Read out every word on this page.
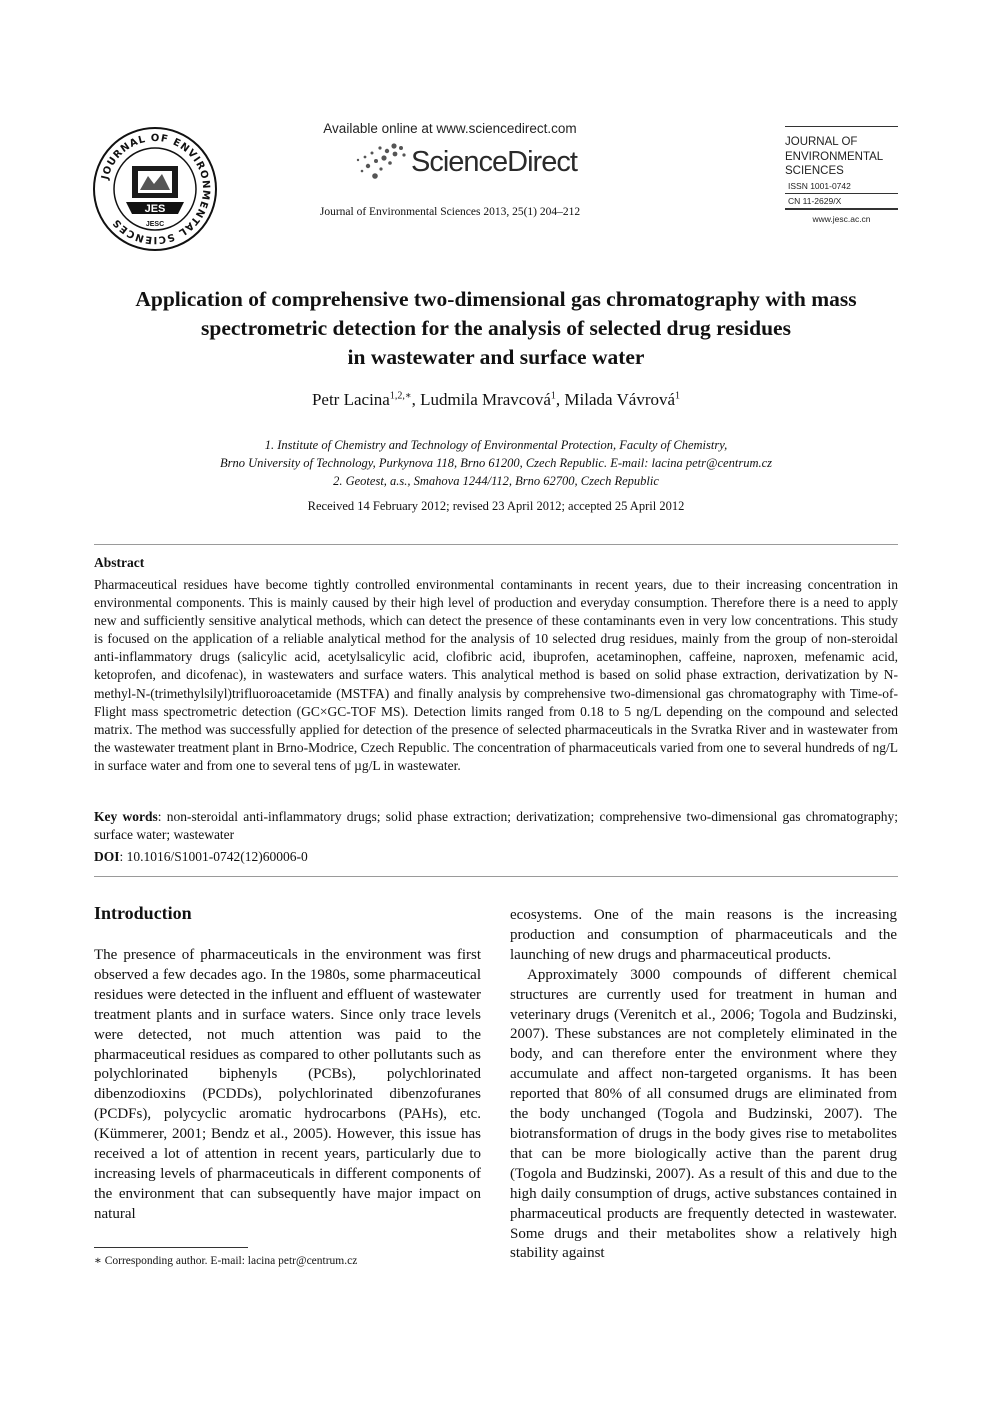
JOURNAL OF ENVIRONMENTAL SCIENCES
JES
JESC
Available online at www.sciencedirect.com
ScienceDirect
Journal of Environmental Sciences 2013, 25(1) 204–212
JOURNAL OF
ENVIRONMENTAL
SCIENCES
ISSN 1001-0742
CN 11-2629/X
www.jesc.ac.cn
Application of comprehensive two-dimensional gas chromatography with mass
spectrometric detection for the analysis of selected drug residues
in wastewater and surface water
Petr Lacina$^{1,2,∗}$, Ludmila Mravcová$^1$, Milada Vávrová$^1$
1. Institute of Chemistry and Technology of Environmental Protection, Faculty of Chemistry,
Brno University of Technology, Purkynova 118, Brno 61200, Czech Republic. E-mail: lacina petr@centrum.cz
2. Geotest, a.s., Smahova 1244/112, Brno 62700, Czech Republic
Received 14 February 2012; revised 23 April 2012; accepted 25 April 2012
Abstract
Pharmaceutical residues have become tightly controlled environmental contaminants in recent years, due to their increasing concentration in environmental components. This is mainly caused by their high level of production and everyday consumption. Therefore there is a need to apply new and sufficiently sensitive analytical methods, which can detect the presence of these contaminants even in very low concentrations. This study is focused on the application of a reliable analytical method for the analysis of 10 selected drug residues, mainly from the group of non-steroidal anti-inflammatory drugs (salicylic acid, acetylsalicylic acid, clofibric acid, ibuprofen, acetaminophen, caffeine, naproxen, mefenamic acid, ketoprofen, and dicofenac), in wastewaters and surface waters. This analytical method is based on solid phase extraction, derivatization by N-methyl-N-(trimethylsilyl)trifluoroacetamide (MSTFA) and finally analysis by comprehensive two-dimensional gas chromatography with Time-of-Flight mass spectrometric detection (GC×GC-TOF MS). Detection limits ranged from 0.18 to 5 ng/L depending on the compound and selected matrix. The method was successfully applied for detection of the presence of selected pharmaceuticals in the Svratka River and in wastewater from the wastewater treatment plant in Brno-Modrice, Czech Republic. The concentration of pharmaceuticals varied from one to several hundreds of ng/L in surface water and from one to several tens of µg/L in wastewater.
Key words: non-steroidal anti-inflammatory drugs; solid phase extraction; derivatization; comprehensive two-dimensional gas chromatography; surface water; wastewater
DOI: 10.1016/S1001-0742(12)60006-0
Introduction

The presence of pharmaceuticals in the environment was first observed a few decades ago. In the 1980s, some pharmaceutical residues were detected in the influent and effluent of wastewater treatment plants and in surface waters. Since only trace levels were detected, not much attention was paid to the pharmaceutical residues as compared to other pollutants such as polychlorinated biphenyls (PCBs), polychlorinated dibenzodioxins (PCDDs), polychlorinated dibenzofuranes (PCDFs), polycyclic aromatic hydrocarbons (PAHs), etc. (Kümmerer, 2001; Bendz et al., 2005). However, this issue has received a lot of attention in recent years, particularly due to increasing levels of pharmaceuticals in different components of the environment that can subsequently have major impact on natural

ecosystems. One of the main reasons is the increasing production and consumption of pharmaceuticals and the launching of new drugs and pharmaceutical products.

Approximately 3000 compounds of different chemical structures are currently used for treatment in human and veterinary drugs (Verenitch et al., 2006; Togola and Budzinski, 2007). These substances are not completely eliminated in the body, and can therefore enter the environment where they accumulate and affect non-targeted organisms. It has been reported that 80% of all consumed drugs are eliminated from the body unchanged (Togola and Budzinski, 2007). The biotransformation of drugs in the body gives rise to metabolites that can be more biologically active than the parent drug (Togola and Budzinski, 2007). As a result of this and due to the high daily consumption of drugs, active substances contained in pharmaceutical products are frequently detected in wastewater. Some drugs and their metabolites show a relatively high stability against

∗ Corresponding author. E-mail: lacina petr@centrum.cz
